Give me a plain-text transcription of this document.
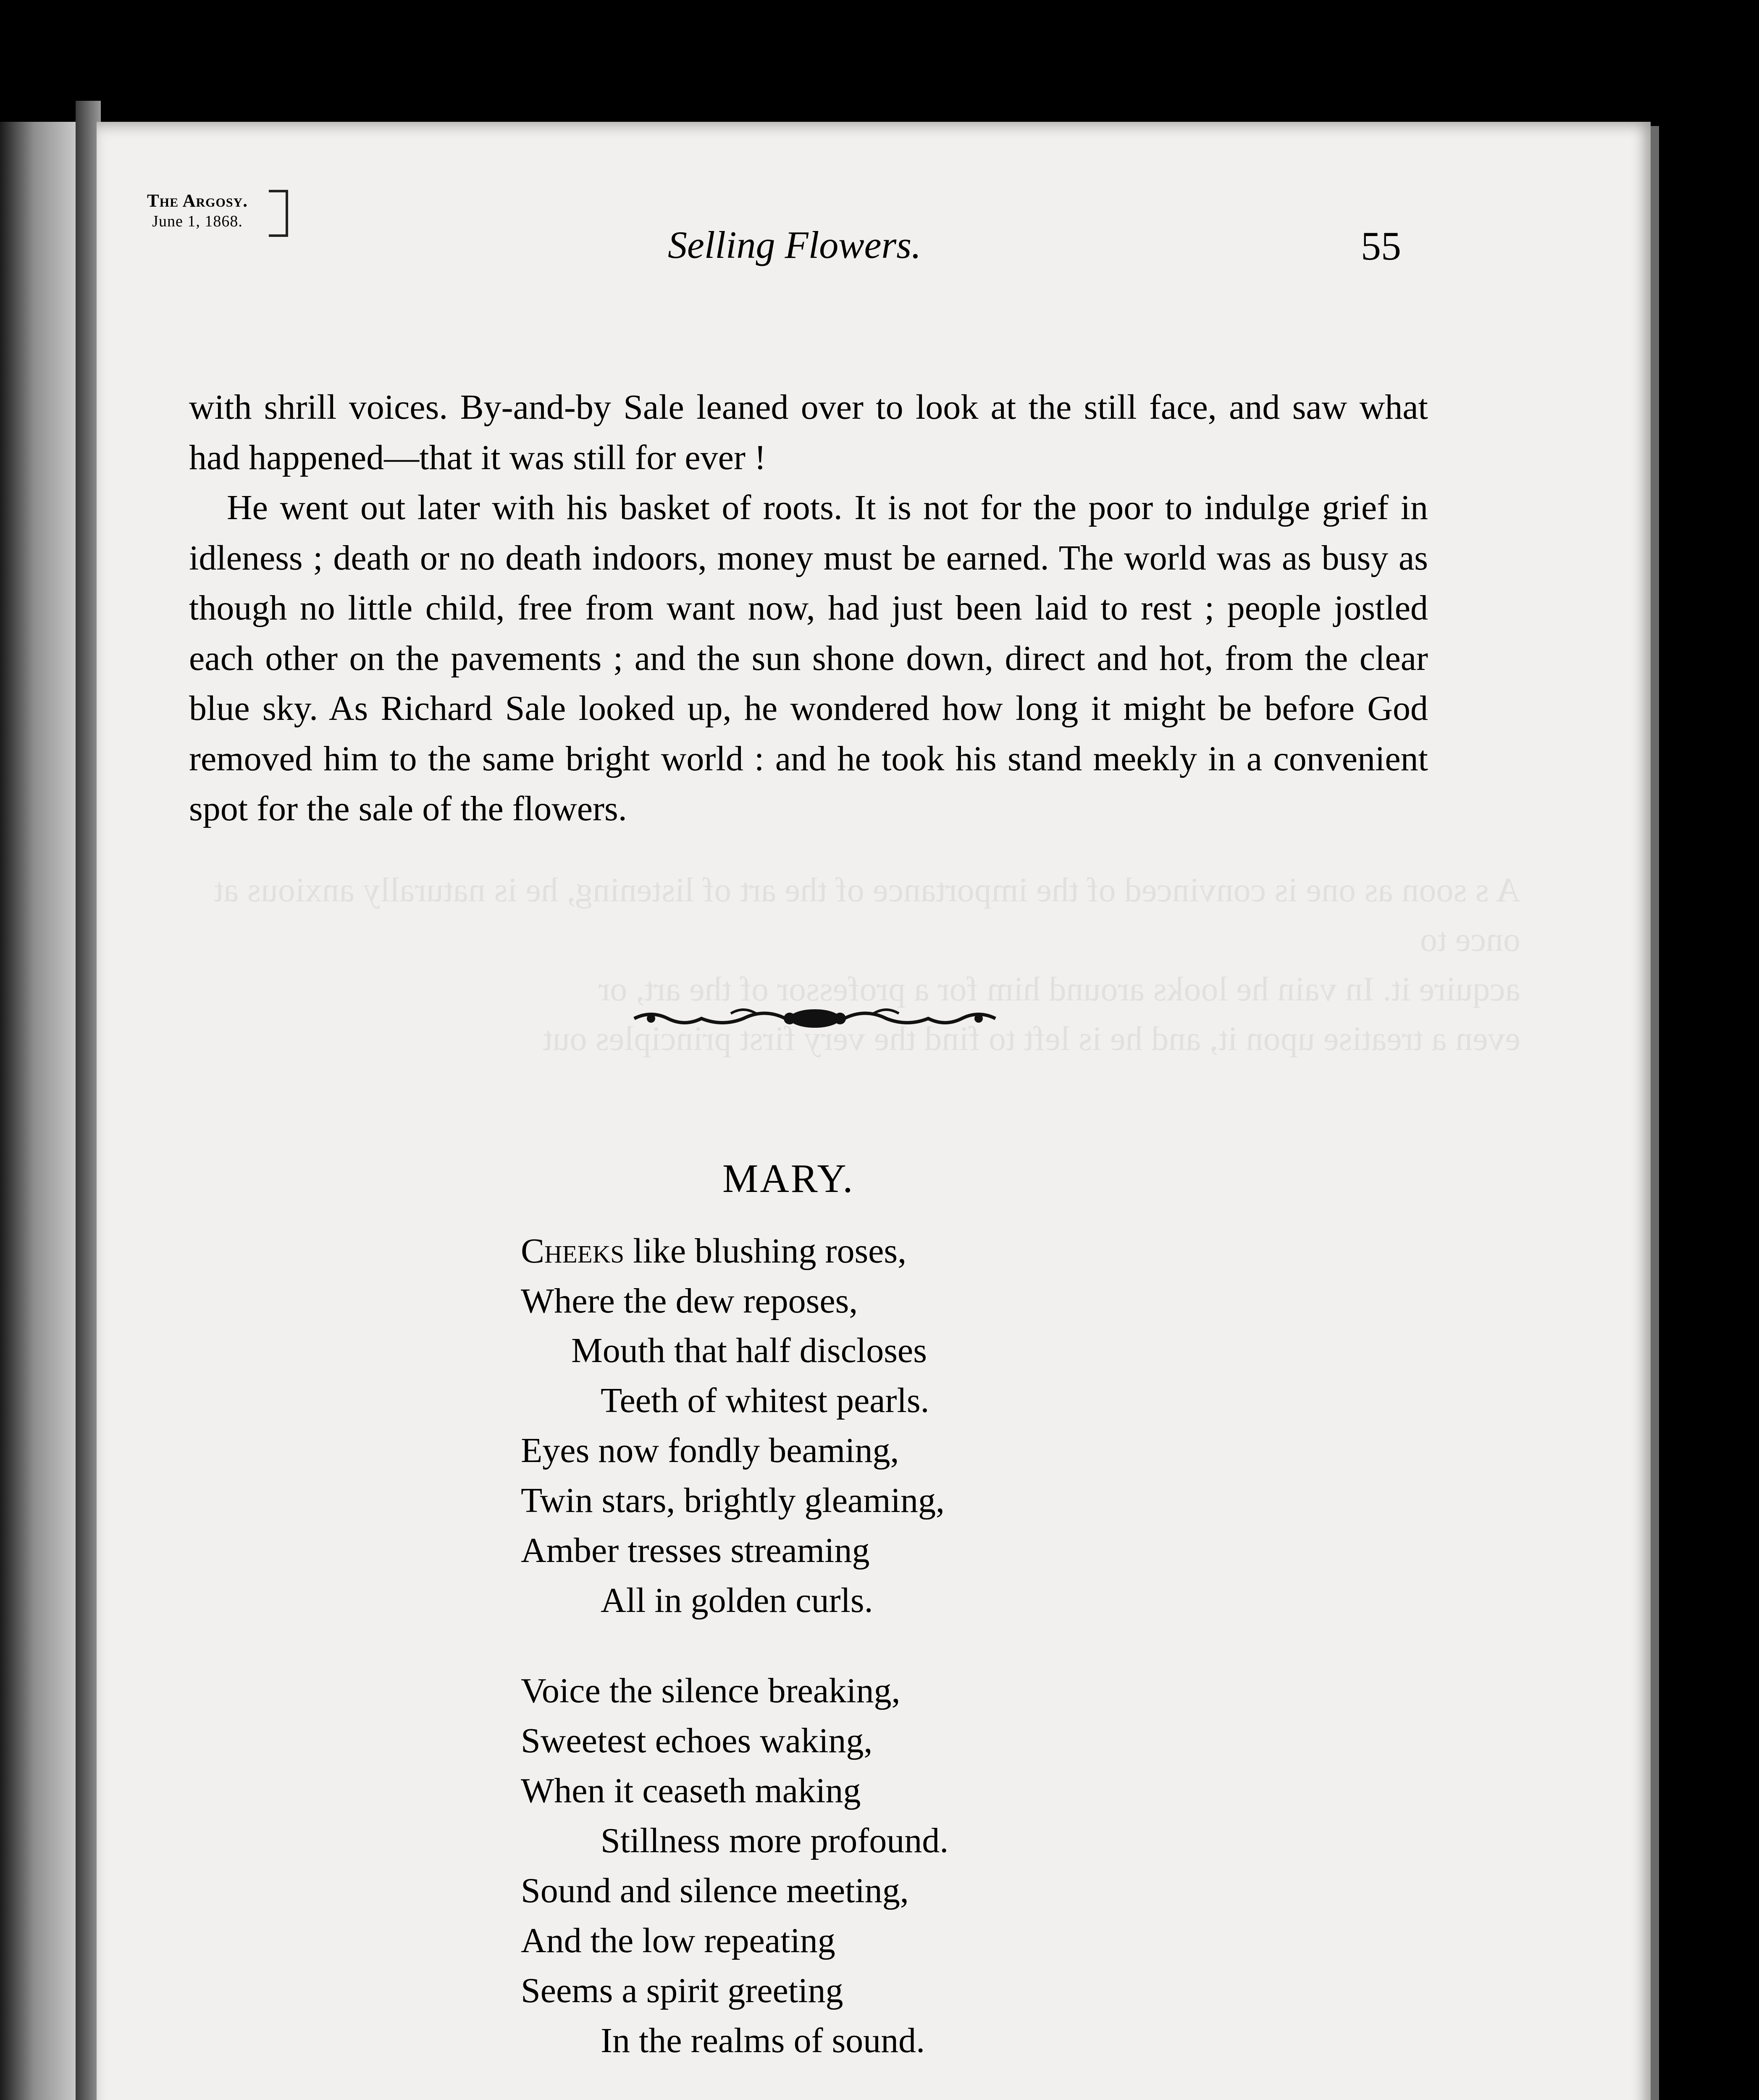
The Argosy.
June 1, 1868.
Selling Flowers.	55

with shrill voices. By-and-by Sale leaned over to look at the still face, and saw what had happened—that it was still for ever !

He went out later with his basket of roots. It is not for the poor to indulge grief in idleness ; death or no death indoors, money must be earned. The world was as busy as though no little child, free from want now, had just been laid to rest ; people jostled each other on the pavements ; and the sun shone down, direct and hot, from the clear blue sky. As Richard Sale looked up, he wondered how long it might be before God removed him to the same bright world : and he took his stand meekly in a convenient spot for the sale of the flowers.

MARY.
Cheeks like blushing roses,
Where the dew reposes,
Mouth that half discloses
Teeth of whitest pearls.
Eyes now fondly beaming,
Twin stars, brightly gleaming,
Amber tresses streaming
All in golden curls.
Voice the silence breaking,
Sweetest echoes waking,
When it ceaseth making
Stillness more profound.
Sound and silence meeting,
And the low repeating
Seems a spirit greeting
In the realms of sound.
